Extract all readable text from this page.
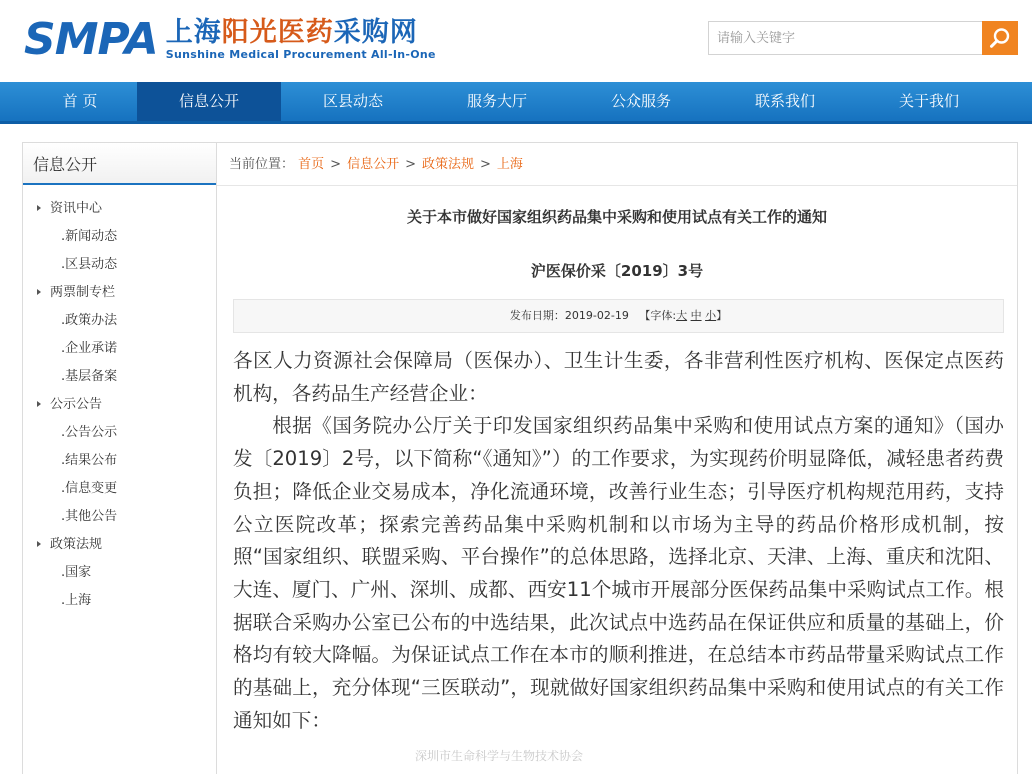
SMPA 上海阳光医药采购网
Sunshine Medical Procurement All-In-One
请输入关键字
首 页	信息公开	区县动态	服务大厅	公众服务	联系我们	关于我们
信息公开
资讯中心
.新闻动态
.区县动态
两票制专栏
.政策办法
.企业承诺
.基层备案
公示公告
.公告公示
.结果公布
.信息变更
.其他公告
政策法规
.国家
.上海
当前位置： 首页 > 信息公开 > 政策法规 > 上海
关于本市做好国家组织药品集中采购和使用试点有关工作的通知
沪医保价采〔2019〕3号
发布日期：2019-02-19 【字体:大 中 小】

各区人力资源社会保障局（医保办）、卫生计生委，各非营利性医疗机构、医保定点医药机构，各药品生产经营企业：

根据《国务院办公厅关于印发国家组织药品集中采购和使用试点方案的通知》（国办发〔2019〕2号，以下简称“《通知》”）的工作要求，为实现药价明显降低，减轻患者药费负担；降低企业交易成本，净化流通环境，改善行业生态；引导医疗机构规范用药，支持公立医院改革；探索完善药品集中采购机制和以市场为主导的药品价格形成机制，按照“国家组织、联盟采购、平台操作”的总体思路，选择北京、天津、上海、重庆和沈阳、大连、厦门、广州、深圳、成都、西安11个城市开展部分医保药品集中采购试点工作。根据联合采购办公室已公布的中选结果，此次试点中选药品在保证供应和质量的基础上，价格均有较大降幅。为保证试点工作在本市的顺利推进，在总结本市药品带量采购试点工作的基础上，充分体现“三医联动”，现就做好国家组织药品集中采购和使用试点的有关工作通知如下：

深圳市生命科学与生物技术协会
